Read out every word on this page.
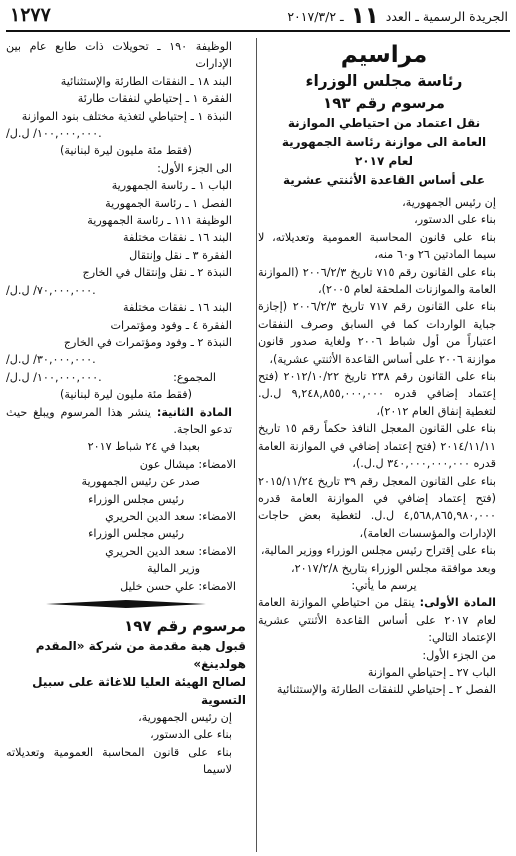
١٢٧٧	الجريدة الرسمية ـ العدد
١١
ـ ٢٠١٧/٣/٢
مراسيم
رئاسة مجلس الوزراء
مرسوم رقم ١٩٣
نقل اعتماد من احتياطي الموازنة
العامة الى موازنة رئاسة الجمهورية
لعام ٢٠١٧
على أساس القاعدة الأثنتي عشرية

إن رئيس الجمهورية،

بناء على الدستور،

بناء على قانون المحاسبة العمومية وتعديلاته، لا سيما المادتين ٢٦ و٦٠ منه،

بناء على القانون رقم ٧١٥ تاريخ ٢٠٠٦/٢/٣ (الموازنة العامة والموازنات الملحقة لعام ٢٠٠٥)،

بناء على القانون رقم ٧١٧ تاريخ ٢٠٠٦/٢/٣ (إجازة جباية الواردات كما في السابق وصرف النفقات اعتباراً من أول شباط ٢٠٠٦ ولغاية صدور قانون موازنة ٢٠٠٦ على أساس القاعدة الأثنتي عشرية)،

بناء على القانون رقم ٢٣٨ تاريخ ٢٠١٢/١٠/٢٢ (فتح إعتماد إضافي قدره ٩,٢٤٨,٨٥٥,٠٠٠,٠٠٠ ل.ل. لتغطية إنفاق العام ٢٠١٢)،

بناء على القانون المعجل النافذ حكماً رقم ١٥ تاريخ ٢٠١٤/١١/١١ (فتح إعتماد إضافي في الموازنة العامة قدره ٣٤٠,٠٠٠,٠٠٠,٠٠٠ ل.ل.)،

بناء على القانون المعجل رقم ٣٩ تاريخ ٢٠١٥/١١/٢٤ (فتح إعتماد إضافي في الموازنة العامة قدره ٤,٥٦٨,٨٦٥,٩٨٠,٠٠٠ ل.ل. لتغطية بعض حاجات الإدارات والمؤسسات العامة)،

بناء على إقتراح رئيس مجلس الوزراء ووزير المالية،

وبعد موافقة مجلس الوزراء بتاريخ ٢٠١٧/٢/٨،

يرسم ما يأتي:

المادة الأولى: ينقل من احتياطي الموازنة العامة لعام ٢٠١٧ على أساس القاعدة الأثنتي عشرية الإعتماد التالي:

من الجزء الأول:

الباب ٢٧ ـ إحتياطي الموازنة

الفصل ٢ ـ إحتياطي للنفقات الطارئة والإستثنائية

الوظيفة ١٩٠ ـ تحويلات ذات طابع عام بين الإدارات

البند ١٨ ـ النفقات الطارئة والإستثنائية

الفقرة ١ ـ إحتياطي لنفقات طارئة

النبذة ١ ـ إحتياطي لتغذية مختلف بنود الموازنة

/١٠٠,٠٠٠,٠٠٠/ ل.ل.

(فقط مئة مليون ليرة لبنانية)

الى الجزء الأول:

الباب ١ ـ رئاسة الجمهورية

الفصل ١ ـ رئاسة الجمهورية

الوظيفة ١١١ ـ رئاسة الجمهورية

البند ١٦ ـ نفقات مختلفة

الفقرة ٣ ـ نقل وإنتقال

النبذة ٢ ـ نقل وإنتقال في الخارج

/٧٠,٠٠٠,٠٠٠/ ل.ل.

البند ١٦ ـ نفقات مختلفة

الفقرة ٤ ـ وفود ومؤتمرات

النبذة ٢ ـ وفود ومؤتمرات في الخارج

/٣٠,٠٠٠,٠٠٠/ ل.ل.

المجموع:
/١٠٠,٠٠٠,٠٠٠/ ل.ل.

(فقط مئة مليون ليرة لبنانية)

المادة الثانية: ينشر هذا المرسوم ويبلغ حيث تدعو الحاجة.

بعبدا في ٢٤ شباط ٢٠١٧

الامضاء: ميشال عون

صدر عن رئيس الجمهورية

رئيس مجلس الوزراء

الامضاء: سعد الدين الحريري

رئيس مجلس الوزراء

الامضاء: سعد الدين الحريري

وزير المالية

الامضاء: علي حسن خليل

مرسوم رقم ١٩٧
قبول هبة مقدمة من شركة «المقدم هولدينغ»
لصالح الهيئة العليا للاغاثة على سبيل التسوية

إن رئيس الجمهورية،

بناء على الدستور،

بناء على قانون المحاسبة العمومية وتعديلاته لاسيما
